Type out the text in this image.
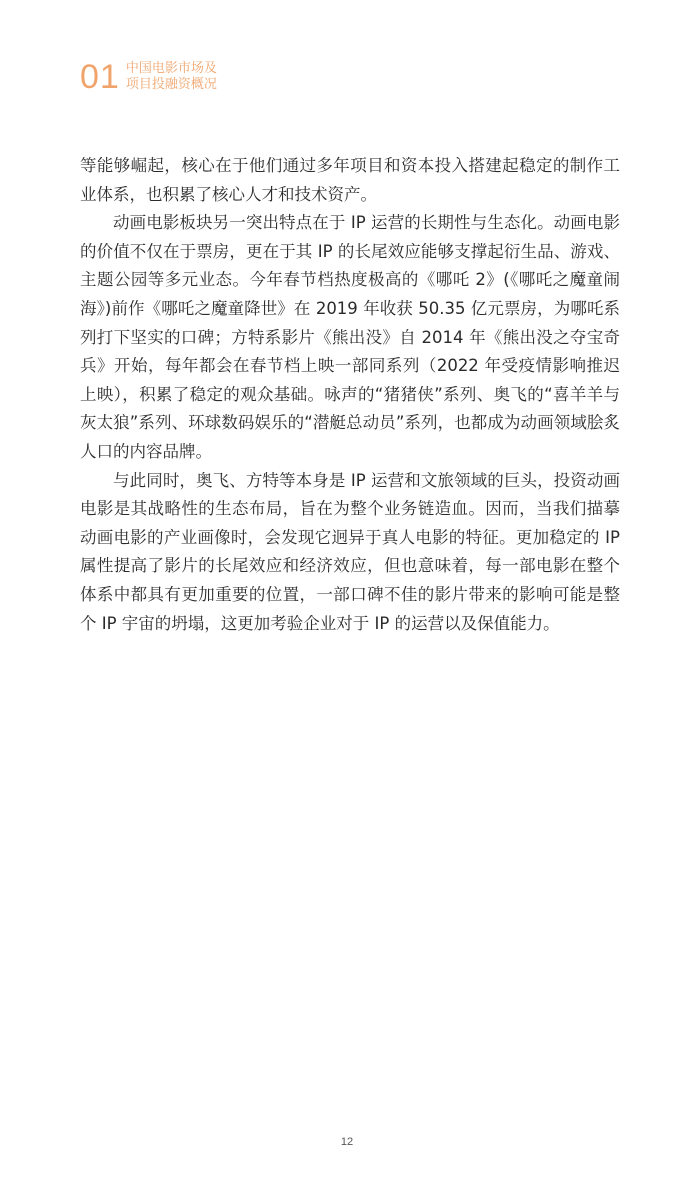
01 中国电影市场及
项目投融资概况

等能够崛起，核心在于他们通过多年项目和资本投入搭建起稳定的制作工业体系，也积累了核心人才和技术资产。

动画电影板块另一突出特点在于 IP 运营的长期性与生态化。动画电影的价值不仅在于票房，更在于其 IP 的长尾效应能够支撑起衍生品、游戏、主题公园等多元业态。今年春节档热度极高的《哪吒 2》(《哪吒之魔童闹海》)前作《哪吒之魔童降世》在 2019 年收获 50.35 亿元票房，为哪吒系列打下坚实的口碑；方特系影片《熊出没》自 2014 年《熊出没之夺宝奇兵》开始，每年都会在春节档上映一部同系列（2022 年受疫情影响推迟上映），积累了稳定的观众基础。咏声的“猪猪侠”系列、奥飞的“喜羊羊与灰太狼”系列、环球数码娱乐的“潜艇总动员”系列，也都成为动画领域脍炙人口的内容品牌。

与此同时，奥飞、方特等本身是 IP 运营和文旅领域的巨头，投资动画电影是其战略性的生态布局，旨在为整个业务链造血。因而，当我们描摹动画电影的产业画像时，会发现它迥异于真人电影的特征。更加稳定的 IP 属性提高了影片的长尾效应和经济效应，但也意味着，每一部电影在整个体系中都具有更加重要的位置，一部口碑不佳的影片带来的影响可能是整个 IP 宇宙的坍塌，这更加考验企业对于 IP 的运营以及保值能力。

12
